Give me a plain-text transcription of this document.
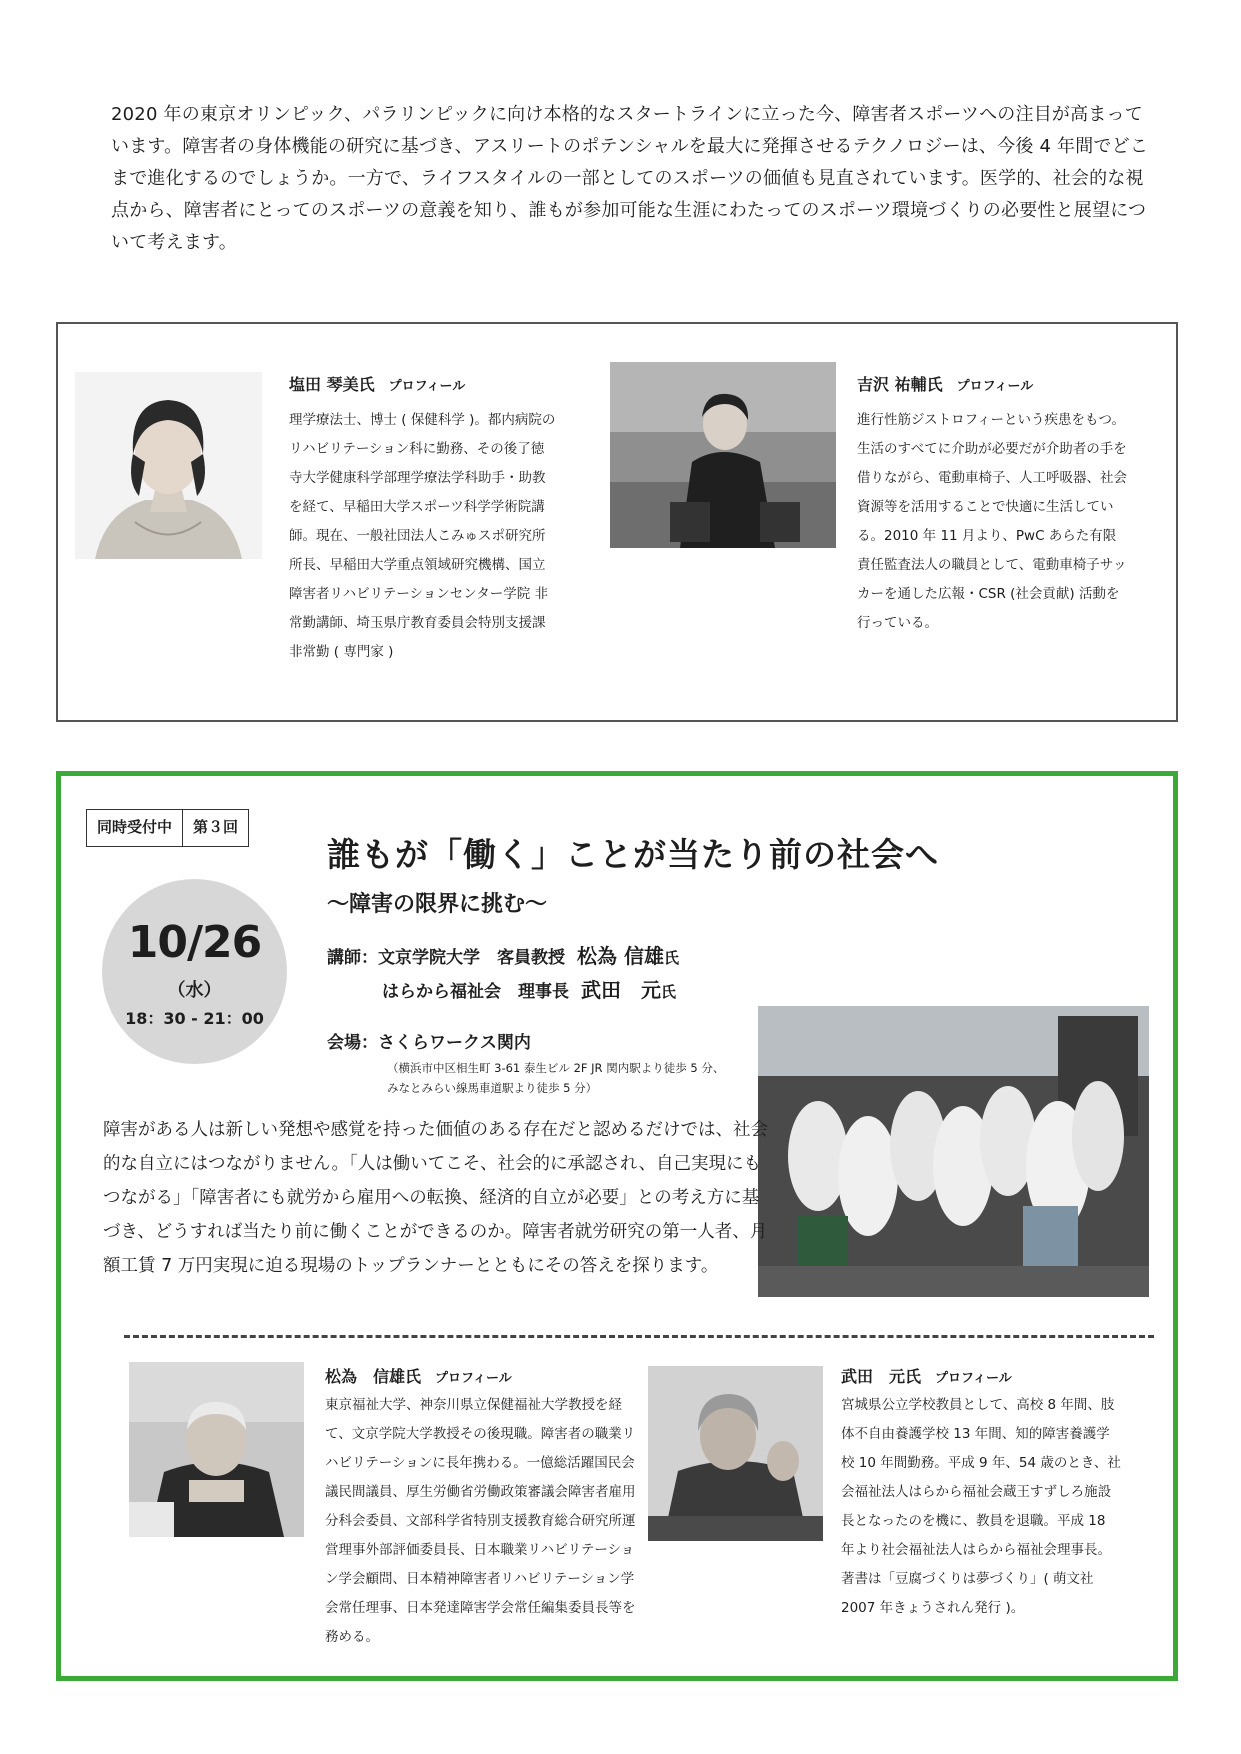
2020 年の東京オリンピック、パラリンピックに向け本格的なスタートラインに立った今、障害者スポーツへの注目が高まっています。障害者の身体機能の研究に基づき、アスリートのポテンシャルを最大に発揮させるテクノロジーは、今後 4 年間でどこまで進化するのでしょうか。一方で、ライフスタイルの一部としてのスポーツの価値も見直されています。医学的、社会的な視点から、障害者にとってのスポーツの意義を知り、誰もが参加可能な生涯にわたってのスポーツ環境づくりの必要性と展望について考えます。

塩田 琴美氏 プロフィール

理学療法士、博士 ( 保健科学 )。都内病院のリハビリテーション科に勤務、その後了徳寺大学健康科学部理学療法学科助手・助教を経て、早稲田大学スポーツ科学学術院講師。現在、一般社団法人こみゅスポ研究所 所長、早稲田大学重点領域研究機構、国立障害者リハビリテーションセンター学院 非常勤講師、埼玉県庁教育委員会特別支援課 非常勤 ( 専門家 )

吉沢 祐輔氏 プロフィール

進行性筋ジストロフィーという疾患をもつ。生活のすべてに介助が必要だが介助者の手を借りながら、電動車椅子、人工呼吸器、社会資源等を活用することで快適に生活している。2010 年 11 月より、PwC あらた有限責任監査法人の職員として、電動車椅子サッカーを通した広報・CSR (社会貢献) 活動を行っている。

同時受付中	第３回
10/26
（水）
18：30 - 21：00
誰もが「働く」ことが当たり前の社会へ
～障害の限界に挑む～
講師：文京学院大学　客員教授 松為 信雄氏
はらから福祉会　理事長 武田　元氏
会場：さくらワークス関内

（横浜市中区相生町 3-61 泰生ビル 2F JR 関内駅より徒歩 5 分、みなとみらい線馬車道駅より徒歩 5 分）

障害がある人は新しい発想や感覚を持った価値のある存在だと認めるだけでは、社会的な自立にはつながりません。「人は働いてこそ、社会的に承認され、自己実現にもつながる」「障害者にも就労から雇用への転換、経済的自立が必要」との考え方に基づき、どうすれば当たり前に働くことができるのか。障害者就労研究の第一人者、月額工賃 7 万円実現に迫る現場のトップランナーとともにその答えを探ります。

松為　信雄氏 プロフィール

東京福祉大学、神奈川県立保健福祉大学教授を経て、文京学院大学教授その後現職。障害者の職業リハビリテーションに長年携わる。一億総活躍国民会議民間議員、厚生労働省労働政策審議会障害者雇用分科会委員、文部科学省特別支援教育総合研究所運営理事外部評価委員長、日本職業リハビリテーション学会顧問、日本精神障害者リハビリテーション学会常任理事、日本発達障害学会常任編集委員長等を務める。

武田　元氏 プロフィール

宮城県公立学校教員として、高校 8 年間、肢体不自由養護学校 13 年間、知的障害養護学校 10 年間勤務。平成 9 年、54 歳のとき、社会福祉法人はらから福祉会蔵王すずしろ施設長となったのを機に、教員を退職。平成 18 年より社会福祉法人はらから福祉会理事長。著書は「豆腐づくりは夢づくり」( 萌文社　2007 年きょうされん発行 )。
